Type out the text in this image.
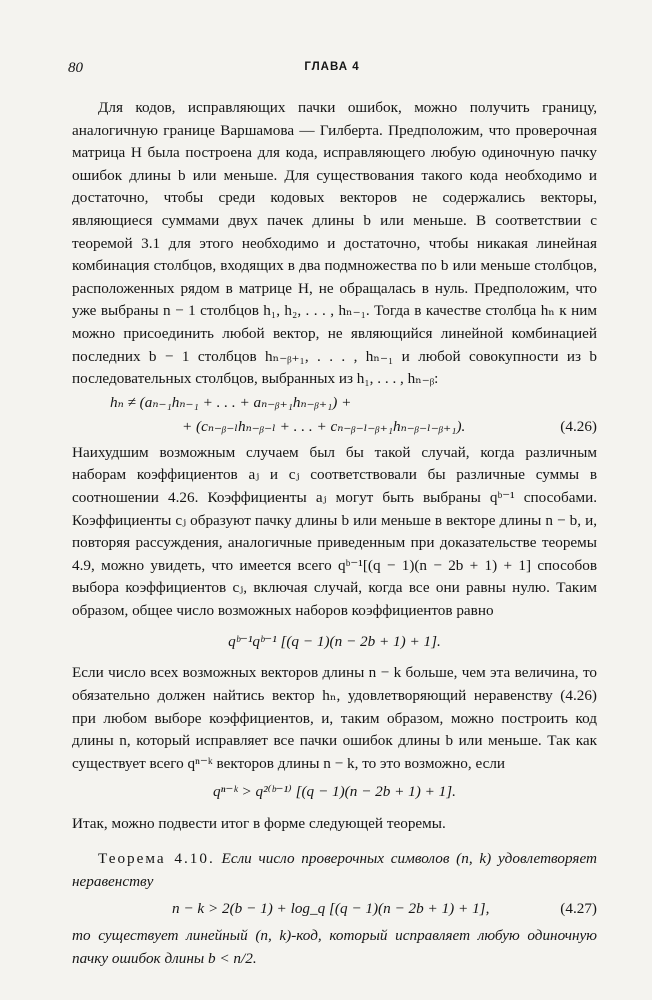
80	ГЛАВА 4

Для кодов, исправляющих пачки ошибок, можно получить границу, аналогичную границе Варшамова — Гилберта. Предположим, что проверочная матрица H была построена для кода, исправляющего любую одиночную пачку ошибок длины b или меньше. Для существования такого кода необходимо и достаточно, чтобы среди кодовых векторов не содержались векторы, являющиеся суммами двух пачек длины b или меньше. В соответствии с теоремой 3.1 для этого необходимо и достаточно, чтобы никакая линейная комбинация столбцов, входящих в два подмножества по b или меньше столбцов, расположенных рядом в матрице H, не обращалась в нуль. Предположим, что уже выбраны n − 1 столбцов h₁, h₂, . . . , hₙ₋₁. Тогда в качестве столбца hₙ к ним можно присоединить любой вектор, не являющийся линейной комбинацией последних b − 1 столбцов hₙ₋ᵦ₊₁, . . . , hₙ₋₁ и любой совокупности из b последовательных столбцов, выбранных из h₁, . . . , hₙ₋ᵦ:

hₙ ≠ (aₙ₋₁hₙ₋₁ + . . . + aₙ₋ᵦ₊₁hₙ₋ᵦ₊₁) +
+ (cₙ₋ᵦ₋ₗhₙ₋ᵦ₋ₗ + . . . + cₙ₋ᵦ₋ₗ₋ᵦ₊₁hₙ₋ᵦ₋ₗ₋ᵦ₊₁).	(4.26)

Наихудшим возможным случаем был бы такой случай, когда различным наборам коэффициентов aⱼ и cⱼ соответствовали бы различные суммы в соотношении 4.26. Коэффициенты aⱼ могут быть выбраны qᵇ⁻¹ способами. Коэффициенты cⱼ образуют пачку длины b или меньше в векторе длины n − b, и, повторяя рассуждения, аналогичные приведенным при доказательстве теоремы 4.9, можно увидеть, что имеется всего qᵇ⁻¹[(q − 1)(n − 2b + 1) + 1] способов выбора коэффициентов cⱼ, включая случай, когда все они равны нулю. Таким образом, общее число возможных наборов коэффициентов равно

qᵇ⁻¹qᵇ⁻¹ [(q − 1)(n − 2b + 1) + 1].

Если число всех возможных векторов длины n − k больше, чем эта величина, то обязательно должен найтись вектор hₙ, удовлетворяющий неравенству (4.26) при любом выборе коэффициентов, и, таким образом, можно построить код длины n, который исправляет все пачки ошибок длины b или меньше. Так как существует всего qⁿ⁻ᵏ векторов длины n − k, то это возможно, если

qⁿ⁻ᵏ > q²⁽ᵇ⁻¹⁾ [(q − 1)(n − 2b + 1) + 1].

Итак, можно подвести итог в форме следующей теоремы.

Теорема 4.10. Если число проверочных символов (n, k) удовлетворяет неравенству

n − k > 2(b − 1) + log_q [(q − 1)(n − 2b + 1) + 1],	(4.27)

то существует линейный (n, k)-код, который исправляет любую одиночную пачку ошибок длины b < n/2.
